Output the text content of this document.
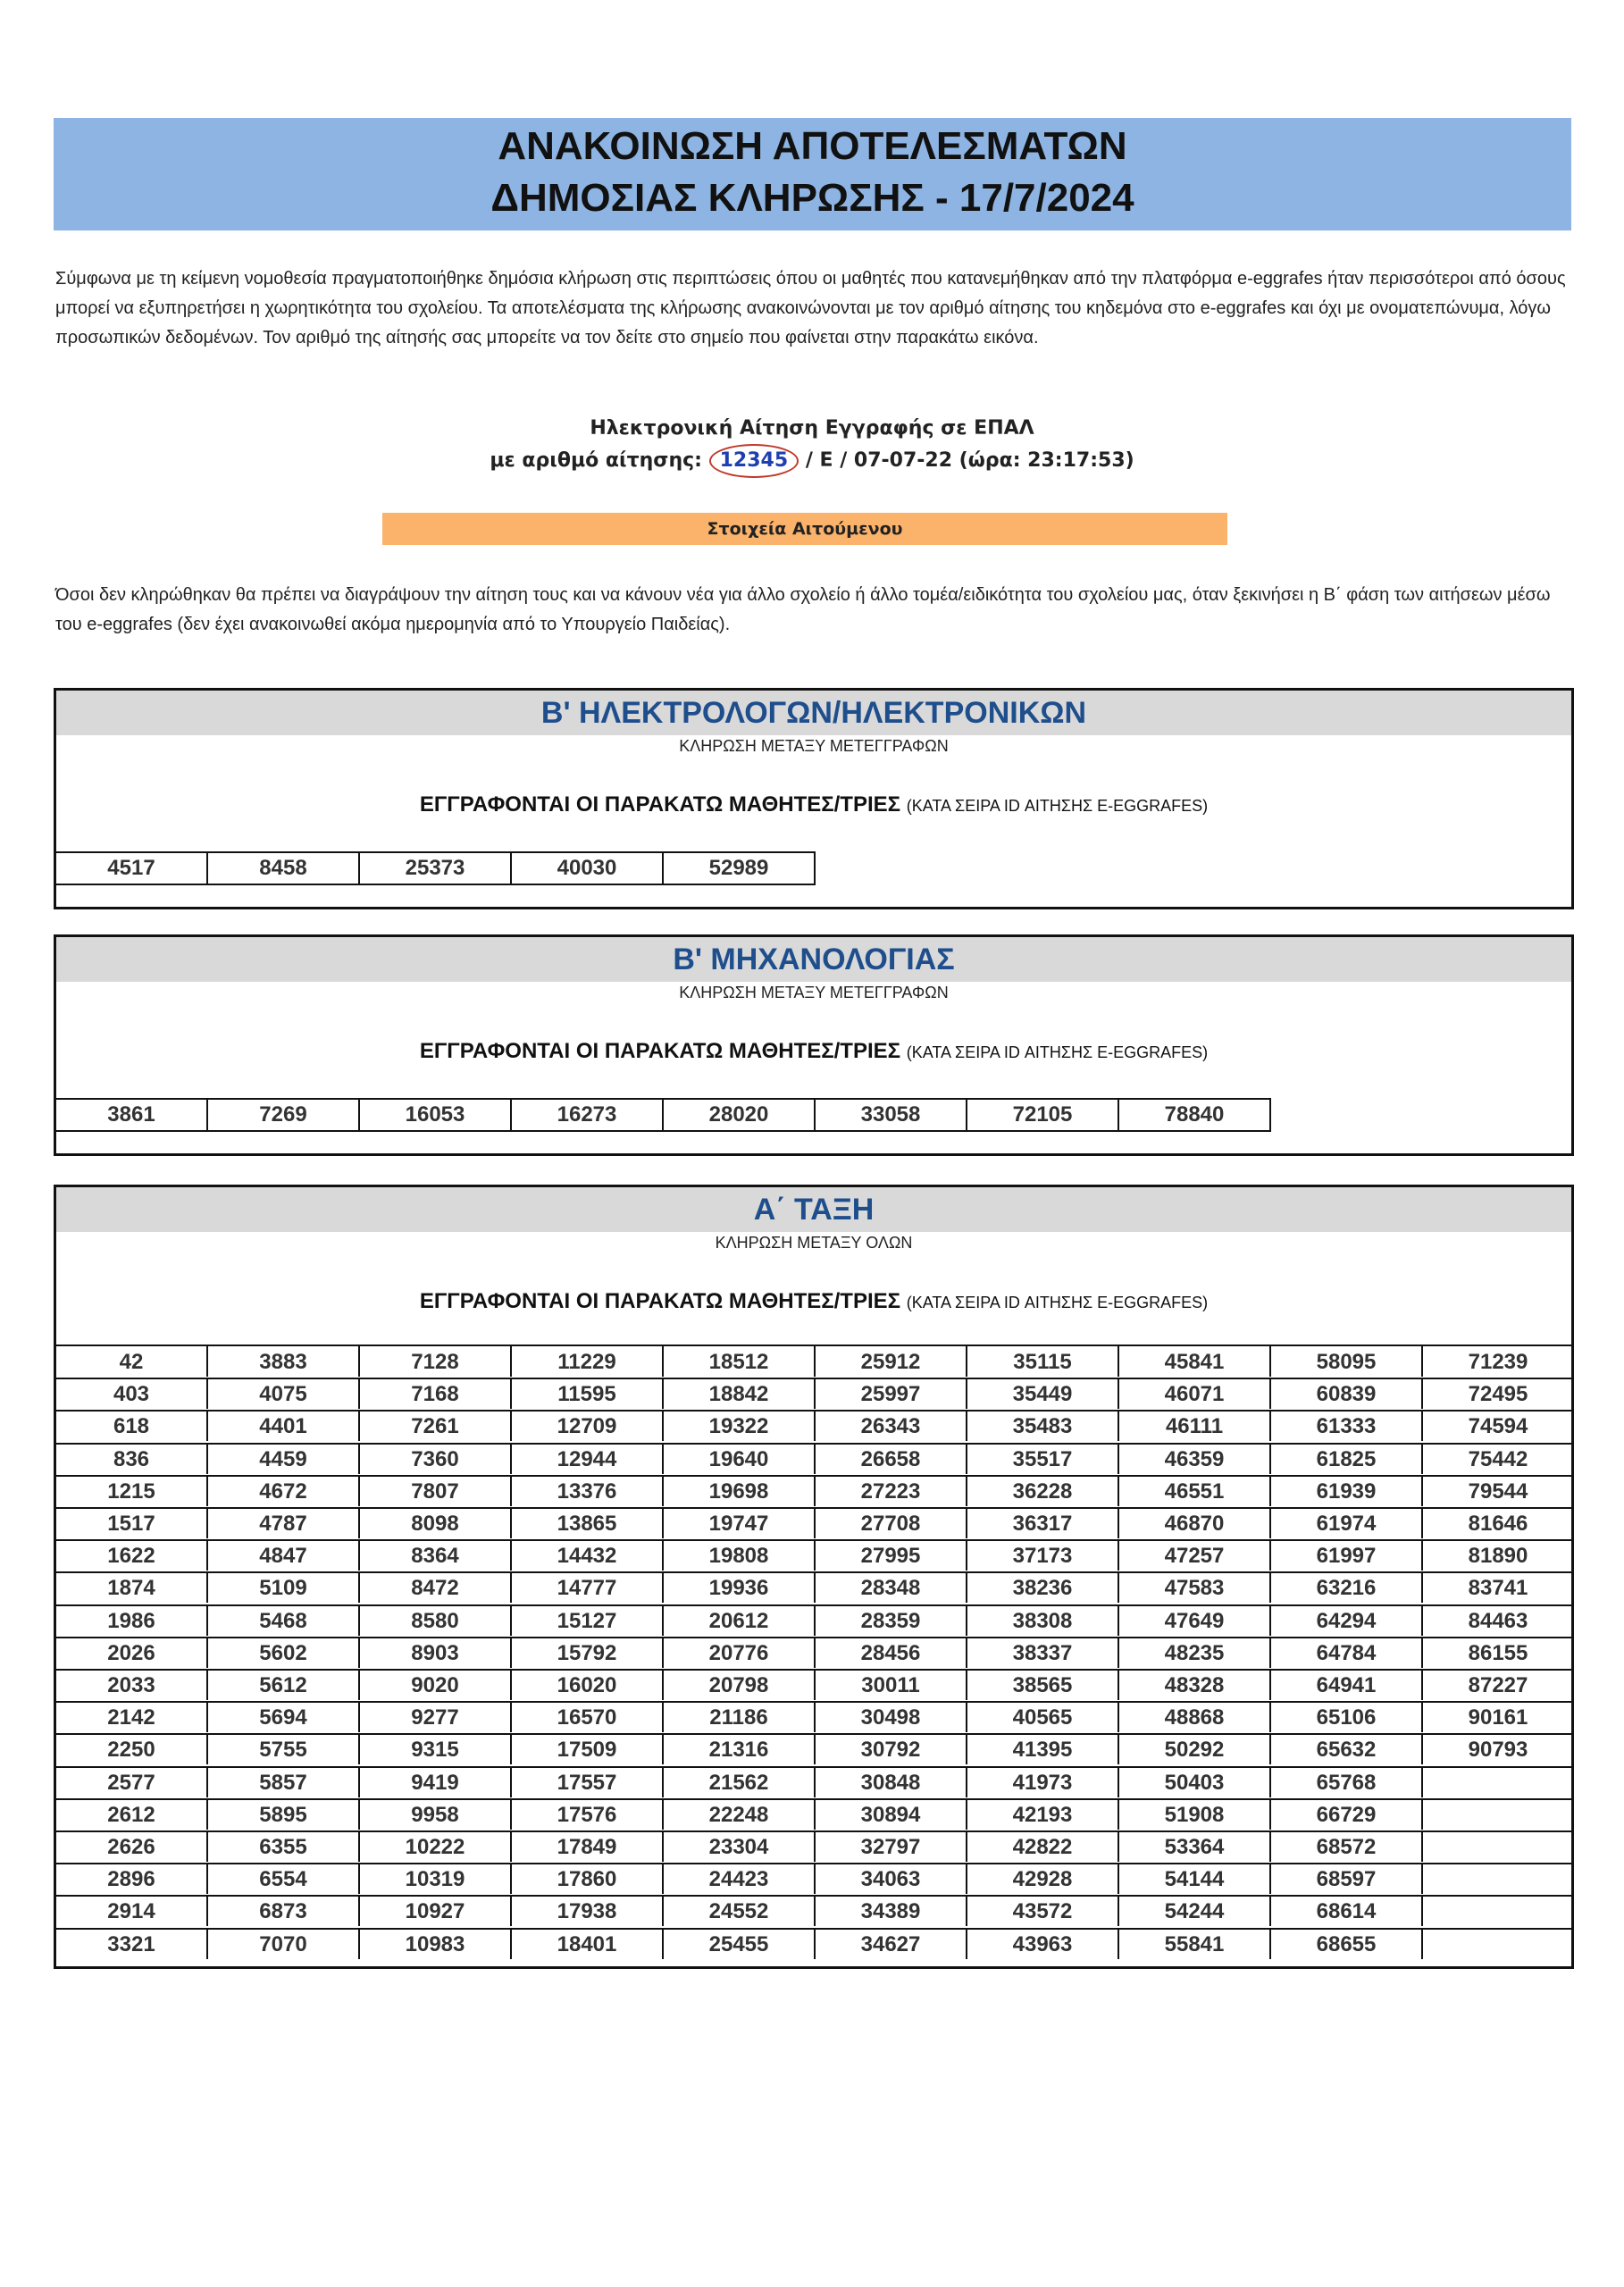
ΑΝΑΚΟΙΝΩΣΗ ΑΠΟΤΕΛΕΣΜΑΤΩΝ
ΔΗΜΟΣΙΑΣ ΚΛΗΡΩΣΗΣ - 17/7/2024
Σύμφωνα με τη κείμενη νομοθεσία πραγματοποιήθηκε δημόσια κλήρωση στις περιπτώσεις όπου οι μαθητές που κατανεμήθηκαν από την πλατφόρμα e-eggrafes ήταν περισσότεροι από όσους μπορεί να εξυπηρετήσει η χωρητικότητα του σχολείου. Τα αποτελέσματα της κλήρωσης ανακοινώνονται με τον αριθμό αίτησης του κηδεμόνα στο e-eggrafes και όχι με ονοματεπώνυμα, λόγω προσωπικών δεδομένων. Τον αριθμό της αίτησής σας μπορείτε να τον δείτε στο σημείο που φαίνεται στην παρακάτω εικόνα.
Ηλεκτρονική Αίτηση Εγγραφής σε ΕΠΑΛ
με αριθμό αίτησης: 12345 / Ε / 07-07-22 (ώρα: 23:17:53)
Στοιχεία Αιτούμενου
Όσοι δεν κληρώθηκαν θα πρέπει να διαγράψουν την αίτηση τους και να κάνουν νέα για άλλο σχολείο ή άλλο τομέα/ειδικότητα του σχολείου μας, όταν ξεκινήσει η Β΄ φάση των αιτήσεων μέσω του e-eggrafes (δεν έχει ανακοινωθεί ακόμα ημερομηνία από το Υπουργείο Παιδείας).
Β' ΗΛΕΚΤΡΟΛΟΓΩΝ/ΗΛΕΚΤΡΟΝΙΚΩΝ
ΚΛΗΡΩΣΗ ΜΕΤΑΞΥ ΜΕΤΕΓΓΡΑΦΩΝ
ΕΓΓΡΑΦΟΝΤΑΙ ΟΙ ΠΑΡΑΚΑΤΩ ΜΑΘΗΤΕΣ/ΤΡΙΕΣ (ΚΑΤΑ ΣΕΙΡΑ ID ΑΙΤΗΣΗΣ E-EGGRAFES)
4517	8458	25373	40030	52989
Β' ΜΗΧΑΝΟΛΟΓΙΑΣ
ΚΛΗΡΩΣΗ ΜΕΤΑΞΥ ΜΕΤΕΓΓΡΑΦΩΝ
ΕΓΓΡΑΦΟΝΤΑΙ ΟΙ ΠΑΡΑΚΑΤΩ ΜΑΘΗΤΕΣ/ΤΡΙΕΣ (ΚΑΤΑ ΣΕΙΡΑ ID ΑΙΤΗΣΗΣ E-EGGRAFES)
3861	7269	16053	16273	28020	33058	72105	78840
Α΄ ΤΑΞΗ
ΚΛΗΡΩΣΗ ΜΕΤΑΞΥ ΟΛΩΝ
ΕΓΓΡΑΦΟΝΤΑΙ ΟΙ ΠΑΡΑΚΑΤΩ ΜΑΘΗΤΕΣ/ΤΡΙΕΣ (ΚΑΤΑ ΣΕΙΡΑ ID ΑΙΤΗΣΗΣ E-EGGRAFES)
42	3883	7128	11229	18512	25912	35115	45841	58095	71239
403	4075	7168	11595	18842	25997	35449	46071	60839	72495
618	4401	7261	12709	19322	26343	35483	46111	61333	74594
836	4459	7360	12944	19640	26658	35517	46359	61825	75442
1215	4672	7807	13376	19698	27223	36228	46551	61939	79544
1517	4787	8098	13865	19747	27708	36317	46870	61974	81646
1622	4847	8364	14432	19808	27995	37173	47257	61997	81890
1874	5109	8472	14777	19936	28348	38236	47583	63216	83741
1986	5468	8580	15127	20612	28359	38308	47649	64294	84463
2026	5602	8903	15792	20776	28456	38337	48235	64784	86155
2033	5612	9020	16020	20798	30011	38565	48328	64941	87227
2142	5694	9277	16570	21186	30498	40565	48868	65106	90161
2250	5755	9315	17509	21316	30792	41395	50292	65632	90793
2577	5857	9419	17557	21562	30848	41973	50403	65768
2612	5895	9958	17576	22248	30894	42193	51908	66729
2626	6355	10222	17849	23304	32797	42822	53364	68572
2896	6554	10319	17860	24423	34063	42928	54144	68597
2914	6873	10927	17938	24552	34389	43572	54244	68614
3321	7070	10983	18401	25455	34627	43963	55841	68655
